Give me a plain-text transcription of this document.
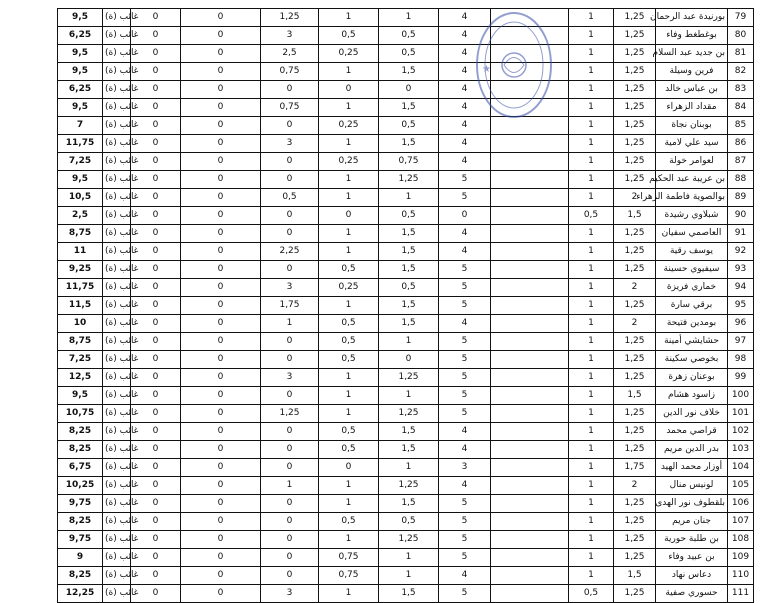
9,5	غائب (ة)	0	0	1,25	1	1	4		1	1,25	بورنيدة عبد الرحمان	79
6,25	غائب (ة)	0	0	3	0,5	0,5	4		1	1,25	بوغطغط وفاء	80
9,5	غائب (ة)	0	0	2,5	0,25	0,5	4		1	1,25	بن جديد عبد السلام	81
9,5	غائب (ة)	0	0	0,75	1	1,5	4		1	1,25	فرين وسيلة	82
6,25	غائب (ة)	0	0	0	0	0	4		1	1,25	بن عباس خالد	83
9,5	غائب (ة)	0	0	0,75	1	1,5	4		1	1,25	مقداد الزهراء	84
7	غائب (ة)	0	0	0	0,25	0,5	4		1	1,25	بوبنان نجاة	85
11,75	غائب (ة)	0	0	3	1	1,5	4		1	1,25	سيد علي لامية	86
7,25	غائب (ة)	0	0	0	0,25	0,75	4		1	1,25	لعوامر خولة	87
9,5	غائب (ة)	0	0	0	1	1,25	5		1	1,25	بن عريبة عبد الحكيم	88
10,5	غائب (ة)	0	0	0,5	1	1	5		1	2	بوالصوية فاطمة الزهراء	89
2,5	غائب (ة)	0	0	0	0	0,5	0		0,5	1,5	شبلاوي رشيدة	90
8,75	غائب (ة)	0	0	0	1	1,5	4		1	1,25	العاصمي سفيان	91
11	غائب (ة)	0	0	2,25	1	1,5	4		1	1,25	يوسف رقية	92
9,25	غائب (ة)	0	0	0	0,5	1,5	5		1	1,25	سيفيوي حسينة	93
11,75	غائب (ة)	0	0	3	0,25	0,5	5		1	2	خماري فريزة	94
11,5	غائب (ة)	0	0	1,75	1	1,5	5		1	1,25	برقي سارة	95
10	غائب (ة)	0	0	1	0,5	1,5	4		1	2	بومدين فتيحة	96
8,75	غائب (ة)	0	0	0	0,5	1	5		1	1,25	حشايشي أمينة	97
7,25	غائب (ة)	0	0	0	0,5	0	5		1	1,25	بخوصي سكينة	98
12,5	غائب (ة)	0	0	3	1	1,25	5		1	1,25	بوعنان زهرة	99
9,5	غائب (ة)	0	0	0	1	1	5		1	1,5	زاسود هشام	100
10,75	غائب (ة)	0	0	1,25	1	1,25	5		1	1,25	خلاف نور الدين	101
8,25	غائب (ة)	0	0	0	0,5	1,5	4		1	1,25	قراصي محمد	102
8,25	غائب (ة)	0	0	0	0,5	1,5	4		1	1,25	بدر الدين مريم	103
6,75	غائب (ة)	0	0	0	0	1	3		1	1,75	أوزار محمد الهيد	104
10,25	غائب (ة)	0	0	1	1	1,25	4		1	2	لونيس منال	105
9,75	غائب (ة)	0	0	0	1	1,5	5		1	1,25	بلقطوف نور الهدى	106
8,25	غائب (ة)	0	0	0	0,5	0,5	5		1	1,25	جنان مريم	107
9,75	غائب (ة)	0	0	0	1	1,25	5		1	1,25	بن طلبة حورية	108
9	غائب (ة)	0	0	0	0,75	1	5		1	1,25	بن عبيد وفاء	109
8,25	غائب (ة)	0	0	0	0,75	1	4		1	1,5	دعاس نهاد	110
12,25	غائب (ة)	0	0	3	1	1,5	5		0,5	1,25	حسوري صفية	111
★
